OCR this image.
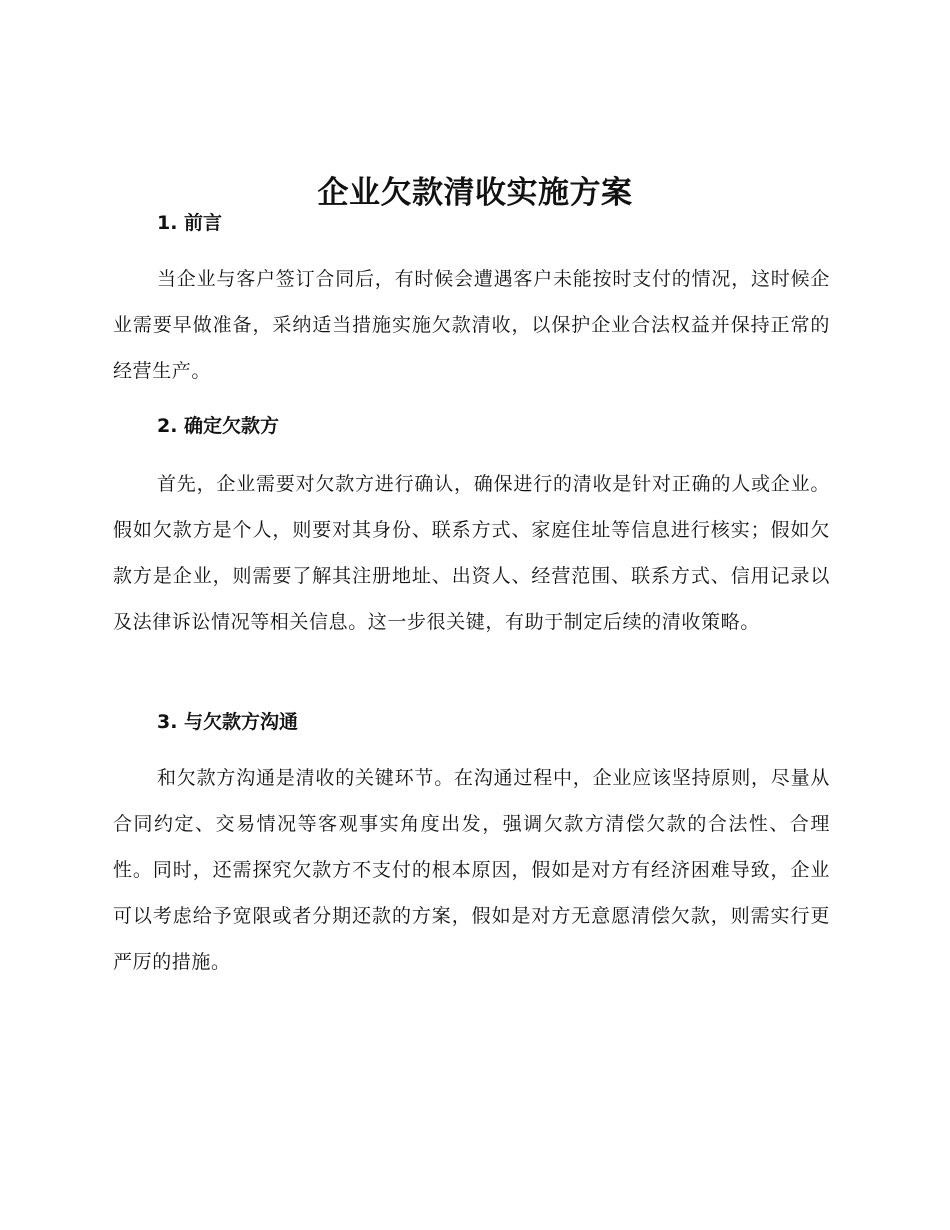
企业欠款清收实施方案
1. 前言

当企业与客户签订合同后，有时候会遭遇客户未能按时支付的情况，这时候企业需要早做准备，采纳适当措施实施欠款清收，以保护企业合法权益并保持正常的经营生产。

2. 确定欠款方

首先，企业需要对欠款方进行确认，确保进行的清收是针对正确的人或企业。假如欠款方是个人，则要对其身份、联系方式、家庭住址等信息进行核实；假如欠款方是企业，则需要了解其注册地址、出资人、经营范围、联系方式、信用记录以及法律诉讼情况等相关信息。这一步很关键，有助于制定后续的清收策略。

3. 与欠款方沟通

和欠款方沟通是清收的关键环节。在沟通过程中，企业应该坚持原则，尽量从合同约定、交易情况等客观事实角度出发，强调欠款方清偿欠款的合法性、合理性。同时，还需探究欠款方不支付的根本原因，假如是对方有经济困难导致，企业可以考虑给予宽限或者分期还款的方案，假如是对方无意愿清偿欠款，则需实行更严厉的措施。
